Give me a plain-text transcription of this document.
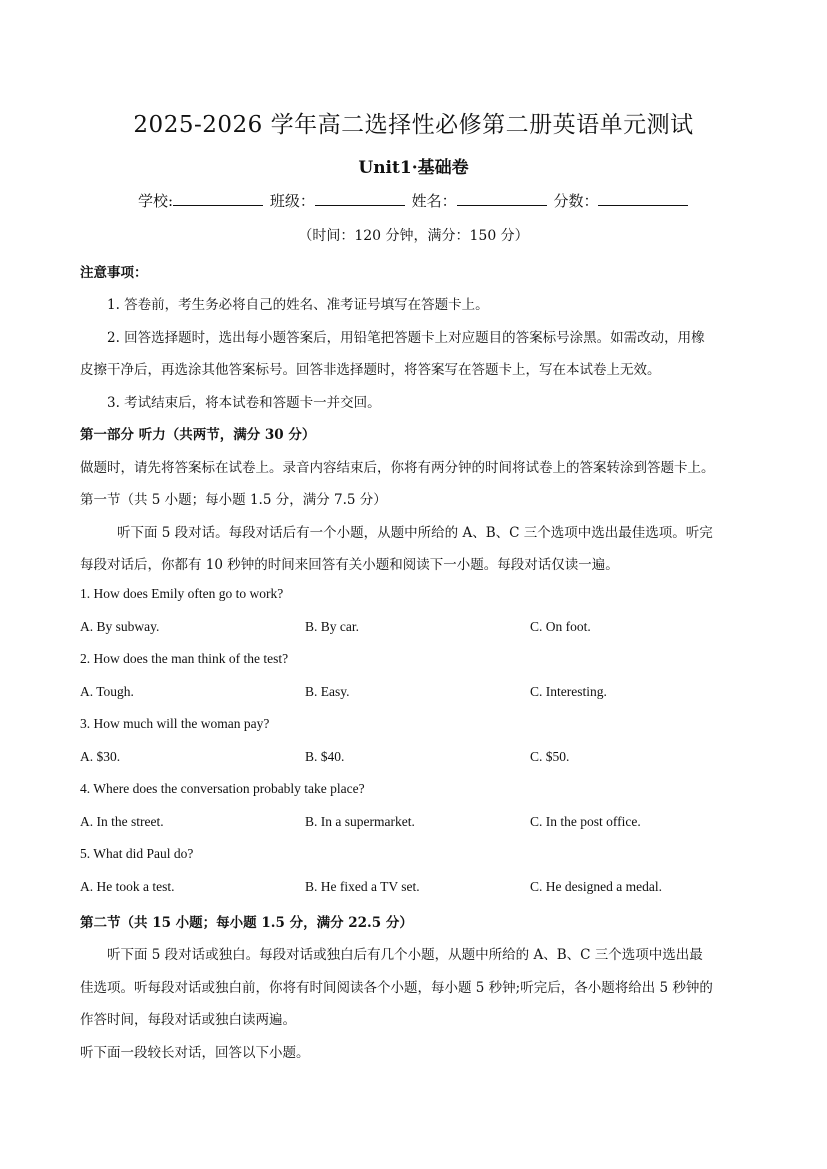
2025-2026 学年高二选择性必修第二册英语单元测试
Unit1·基础卷
学校:	班级：	姓名：	分数：
（时间：120 分钟，满分：150 分）
注意事项：
1. 答卷前，考生务必将自己的姓名、准考证号填写在答题卡上。
2. 回答选择题时，选出每小题答案后，用铅笔把答题卡上对应题目的答案标号涂黑。如需改动，用橡
皮擦干净后，再选涂其他答案标号。回答非选择题时，将答案写在答题卡上，写在本试卷上无效。
3. 考试结束后，将本试卷和答题卡一并交回。
第一部分 听力（共两节，满分 30 分）
做题时，请先将答案标在试卷上。录音内容结束后，你将有两分钟的时间将试卷上的答案转涂到答题卡上。
第一节（共 5 小题；每小题 1.5 分，满分 7.5 分）
听下面 5 段对话。每段对话后有一个小题，从题中所给的 A、B、C 三个选项中选出最佳选项。听完
每段对话后，你都有 10 秒钟的时间来回答有关小题和阅读下一小题。每段对话仅读一遍。
1. How does Emily often go to work?
A. By subway.	B. By car.	C. On foot.
2. How does the man think of the test?
A. Tough.	B. Easy.	C. Interesting.
3. How much will the woman pay?
A. $30.	B. $40.	C. $50.
4. Where does the conversation probably take place?
A. In the street.	B. In a supermarket.	C. In the post office.
5. What did Paul do?
A. He took a test.	B. He fixed a TV set.	C. He designed a medal.
第二节（共 15 小题；每小题 1.5 分，满分 22.5 分）
听下面 5 段对话或独白。每段对话或独白后有几个小题，从题中所给的 A、B、C 三个选项中选出最
佳选项。听每段对话或独白前，你将有时间阅读各个小题，每小题 5 秒钟;听完后，各小题将给出 5 秒钟的
作答时间，每段对话或独白读两遍。
听下面一段较长对话，回答以下小题。
